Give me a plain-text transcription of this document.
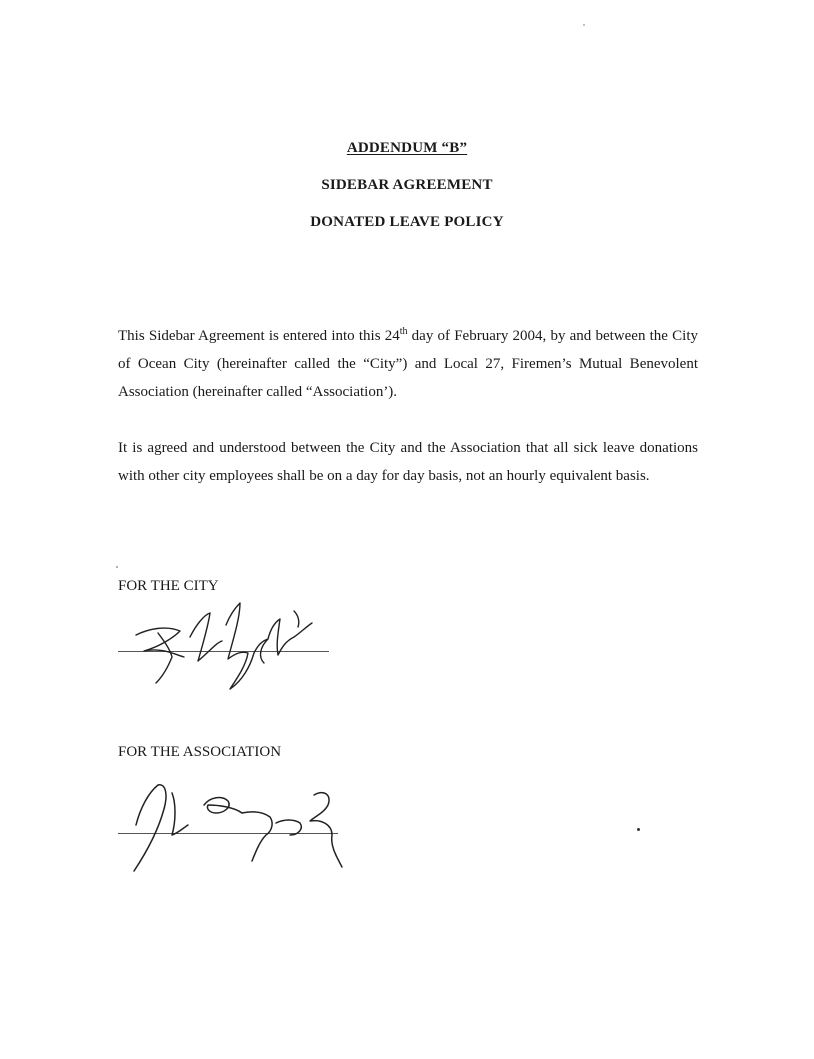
ADDENDUM “B”
SIDEBAR AGREEMENT
DONATED LEAVE POLICY
This Sidebar Agreement is entered into this 24th day of February 2004, by and between the City of Ocean City (hereinafter called the “City”) and Local 27, Firemen’s Mutual Benevolent Association (hereinafter called “Association’).
It is agreed and understood between the City and the Association that all sick leave donations with other city employees shall be on a day for day basis, not an hourly equivalent basis.
FOR THE CITY
FOR THE ASSOCIATION
